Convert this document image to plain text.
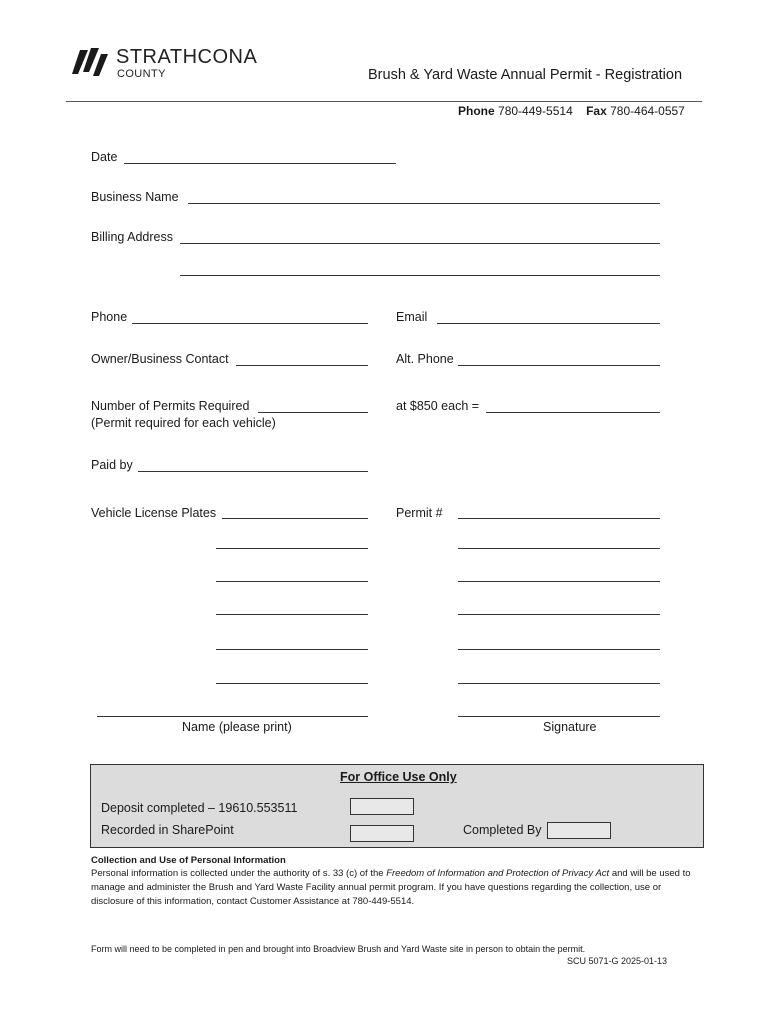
STRATHCONA
COUNTY	Brush & Yard Waste Annual Permit - Registration
Phone 780-449-5514 Fax 780-464-0557
Date
Business Name
Billing Address
Phone	Email
Owner/Business Contact	Alt. Phone
Number of Permits Required
(Permit required for each vehicle)
at $850 each =
Paid by
Vehicle License Plates	Permit #
Name (please print)	Signature
For Office Use Only
Deposit completed – 19610.553511
Recorded in SharePoint	Completed By
Collection and Use of Personal Information
Personal information is collected under the authority of s. 33 (c) of the Freedom of Information and Protection of Privacy Act and will be used to manage and administer the Brush and Yard Waste Facility annual permit program. If you have questions regarding the collection, use or disclosure of this information, contact Customer Assistance at 780-449-5514.
Form will need to be completed in pen and brought into Broadview Brush and Yard Waste site in person to obtain the permit.
SCU 5071-G 2025-01-13
